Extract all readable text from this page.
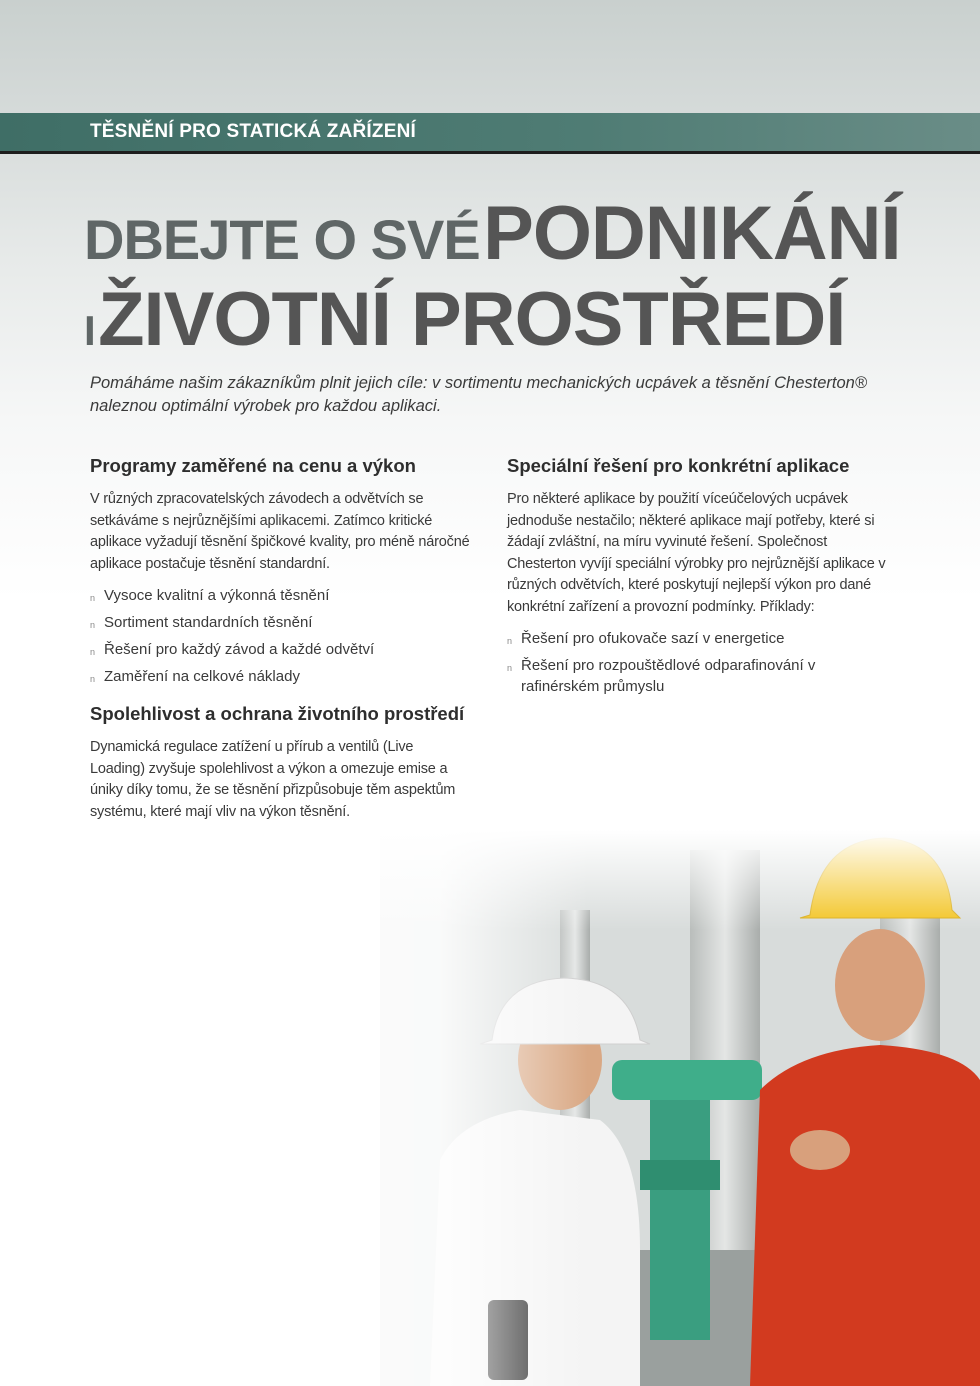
TĚSNĚNÍ PRO STATICKÁ ZAŘÍZENÍ
DBEJTE O SVÉ PODNIKÁNÍ
I ŽIVOTNÍ PROSTŘEDÍ
Pomáháme našim zákazníkům plnit jejich cíle: v sortimentu mechanických ucpávek a těsnění Chesterton® naleznou optimální výrobek pro každou aplikaci.
Programy zaměřené na cenu a výkon

V různých zpracovatelských závodech a odvětvích se setkáváme s nejrůznějšími aplikacemi. Zatímco kritické aplikace vyžadují těsnění špičkové kvality, pro méně náročné aplikace postačuje těsnění standardní.

n Vysoce kvalitní a výkonná těsnění
n Sortiment standardních těsnění
n Řešení pro každý závod a každé odvětví
n Zaměření na celkové náklady
Spolehlivost a ochrana životního prostředí

Dynamická regulace zatížení u přírub a ventilů (Live Loading) zvyšuje spolehlivost a výkon a omezuje emise a úniky díky tomu, že se těsnění přizpůsobuje těm aspektům systému, které mají vliv na výkon těsnění.

Speciální řešení pro konkrétní aplikace

Pro některé aplikace by použití víceúčelových ucpávek jednoduše nestačilo; některé aplikace mají potřeby, které si žádají zvláštní, na míru vyvinuté řešení. Společnost Chesterton vyvíjí speciální výrobky pro nejrůznější aplikace v různých odvětvích, které poskytují nejlepší výkon pro dané konkrétní zařízení a provozní podmínky. Příklady:

n Řešení pro ofukovače sazí v energetice
n Řešení pro rozpouštědlové odparafinování v rafinérském průmyslu
